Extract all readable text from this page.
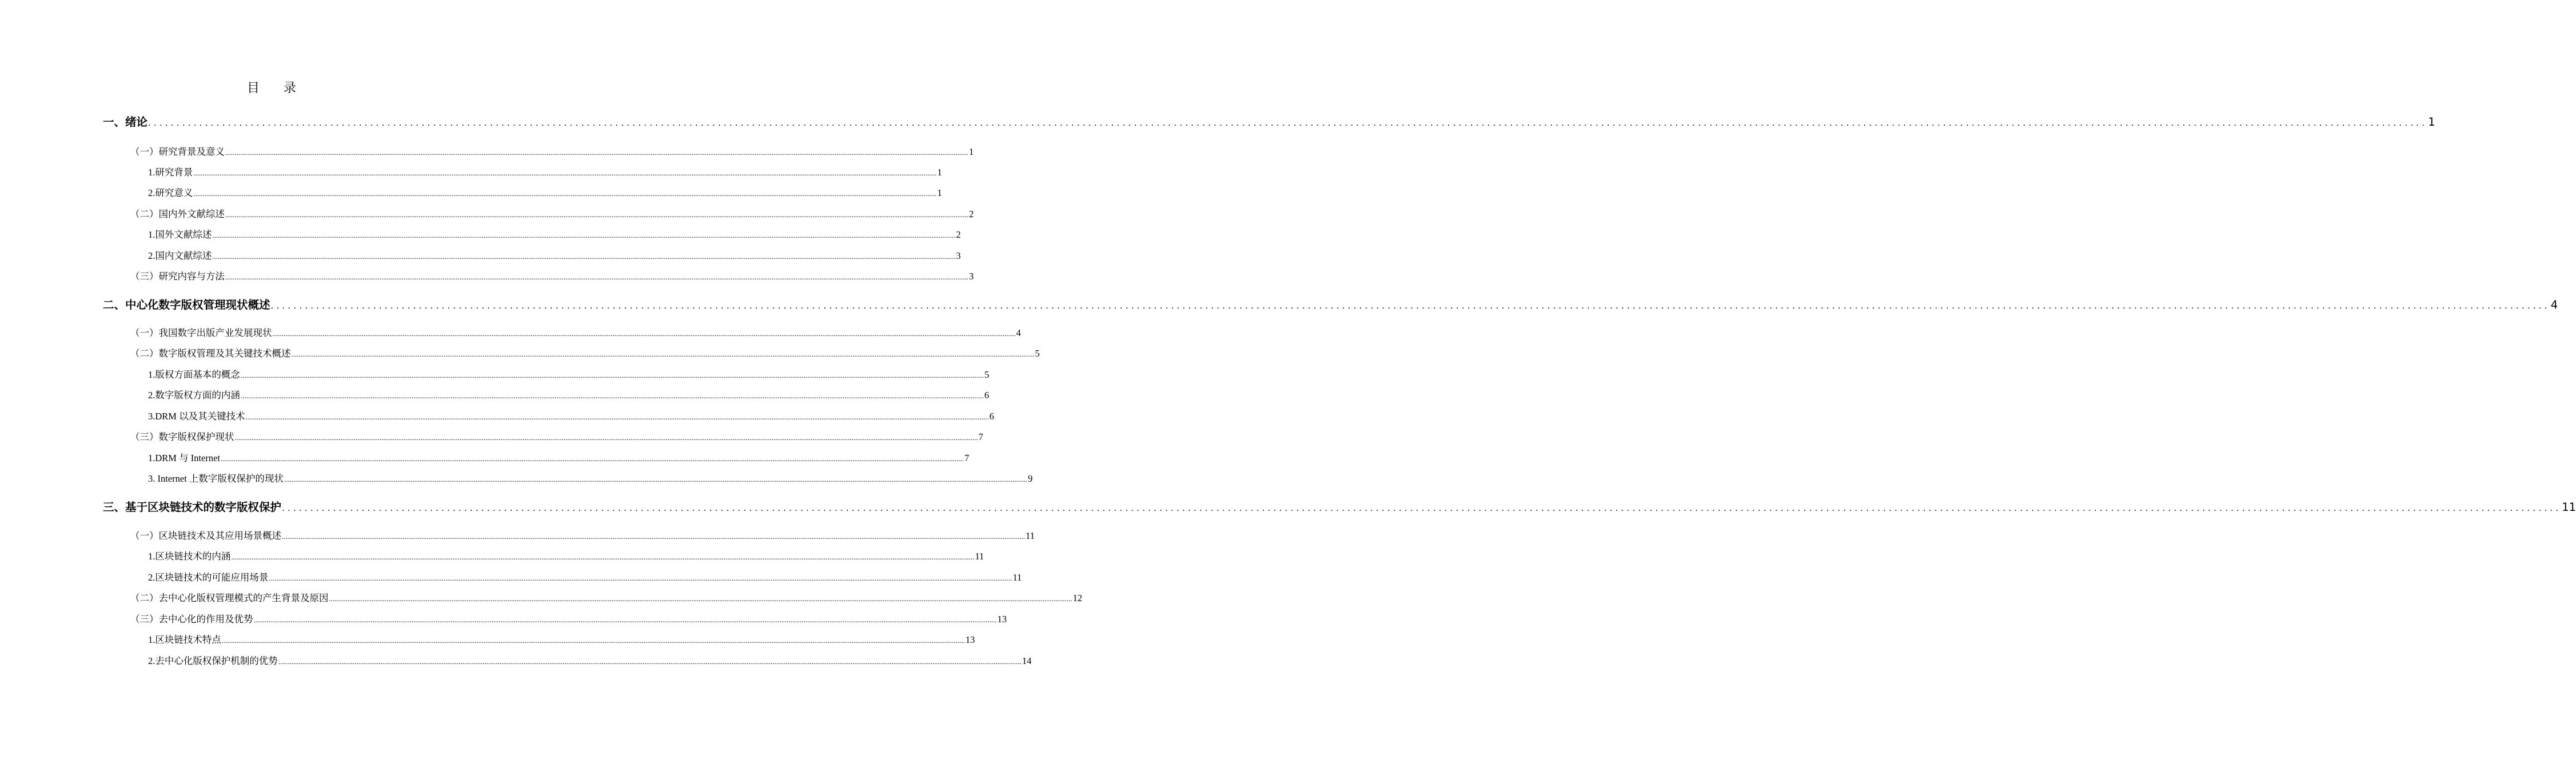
目 录
一、绪论 ................................................................................................................................................................................................................................................................................................................................................................................................................ 1
（一）研究背景及意义 ................................................................................................................................................................................................................................................................................................................................................................................................................ 1
1.研究背景 ................................................................................................................................................................................................................................................................................................................................................................................................................ 1
2.研究意义 ................................................................................................................................................................................................................................................................................................................................................................................................................ 1
（二）国内外文献综述 ................................................................................................................................................................................................................................................................................................................................................................................................................ 2
1.国外文献综述 ................................................................................................................................................................................................................................................................................................................................................................................................................ 2
2.国内文献综述 ................................................................................................................................................................................................................................................................................................................................................................................................................ 3
（三）研究内容与方法 ................................................................................................................................................................................................................................................................................................................................................................................................................ 3
二、中心化数字版权管理现状概述 ................................................................................................................................................................................................................................................................................................................................................................................................................ 4
（一）我国数字出版产业发展现状 ................................................................................................................................................................................................................................................................................................................................................................................................................ 4
（二）数字版权管理及其关键技术概述 ................................................................................................................................................................................................................................................................................................................................................................................................................ 5
1.版权方面基本的概念 ................................................................................................................................................................................................................................................................................................................................................................................................................ 5
2.数字版权方面的内涵 ................................................................................................................................................................................................................................................................................................................................................................................................................ 6
3.DRM 以及其关键技术 ................................................................................................................................................................................................................................................................................................................................................................................................................ 6
（三）数字版权保护现状 ................................................................................................................................................................................................................................................................................................................................................................................................................ 7
1.DRM 与 Internet ................................................................................................................................................................................................................................................................................................................................................................................................................ 7
3. Internet 上数字版权保护的现状 ................................................................................................................................................................................................................................................................................................................................................................................................................ 9
三、基于区块链技术的数字版权保护 ................................................................................................................................................................................................................................................................................................................................................................................................................ 11
（一）区块链技术及其应用场景概述 ................................................................................................................................................................................................................................................................................................................................................................................................................ 11
1.区块链技术的内涵 ................................................................................................................................................................................................................................................................................................................................................................................................................ 11
2.区块链技术的可能应用场景 ................................................................................................................................................................................................................................................................................................................................................................................................................ 11
（二）去中心化版权管理模式的产生背景及原因 ................................................................................................................................................................................................................................................................................................................................................................................................................ 12
（三）去中心化的作用及优势 ................................................................................................................................................................................................................................................................................................................................................................................................................ 13
1.区块链技术特点 ................................................................................................................................................................................................................................................................................................................................................................................................................ 13
2.去中心化版权保护机制的优势 ................................................................................................................................................................................................................................................................................................................................................................................................................ 14
